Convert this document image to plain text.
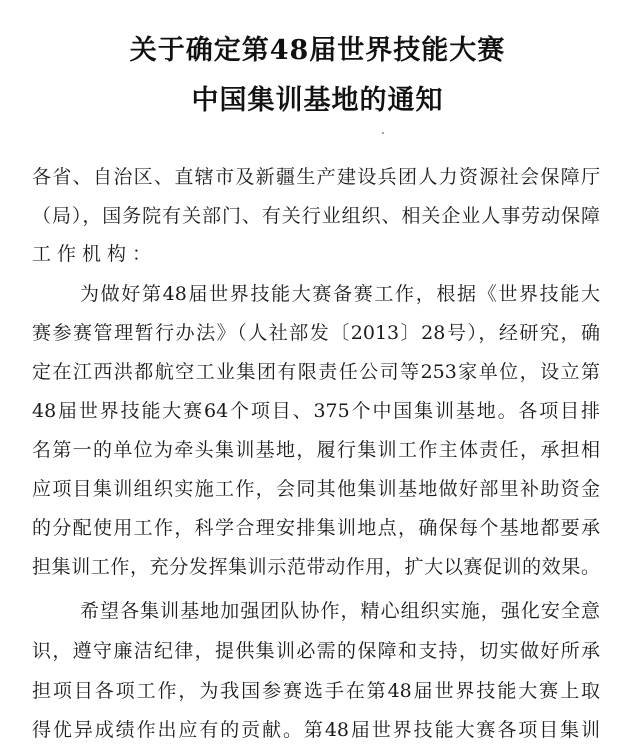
关于确定第48届世界技能大赛
中国集训基地的通知
各省、自治区、直辖市及新疆生产建设兵团人力资源社会保障厅
（局），国务院有关部门、有关行业组织、相关企业人事劳动保障
工作机构：
为做好第48届世界技能大赛备赛工作，根据《世界技能大
赛参赛管理暂行办法》（人社部发〔2013〕28号），经研究，确
定在江西洪都航空工业集团有限责任公司等253家单位，设立第
48届世界技能大赛64个项目、375个中国集训基地。各项目排
名第一的单位为牵头集训基地，履行集训工作主体责任，承担相
应项目集训组织实施工作，会同其他集训基地做好部里补助资金
的分配使用工作，科学合理安排集训地点，确保每个基地都要承
担集训工作，充分发挥集训示范带动作用，扩大以赛促训的效果。
希望各集训基地加强团队协作，精心组织实施，强化安全意
识，遵守廉洁纪律，提供集训必需的保障和支持，切实做好所承
担项目各项工作，为我国参赛选手在第48届世界技能大赛上取
得优异成绩作出应有的贡献。第48届世界技能大赛各项目集训
